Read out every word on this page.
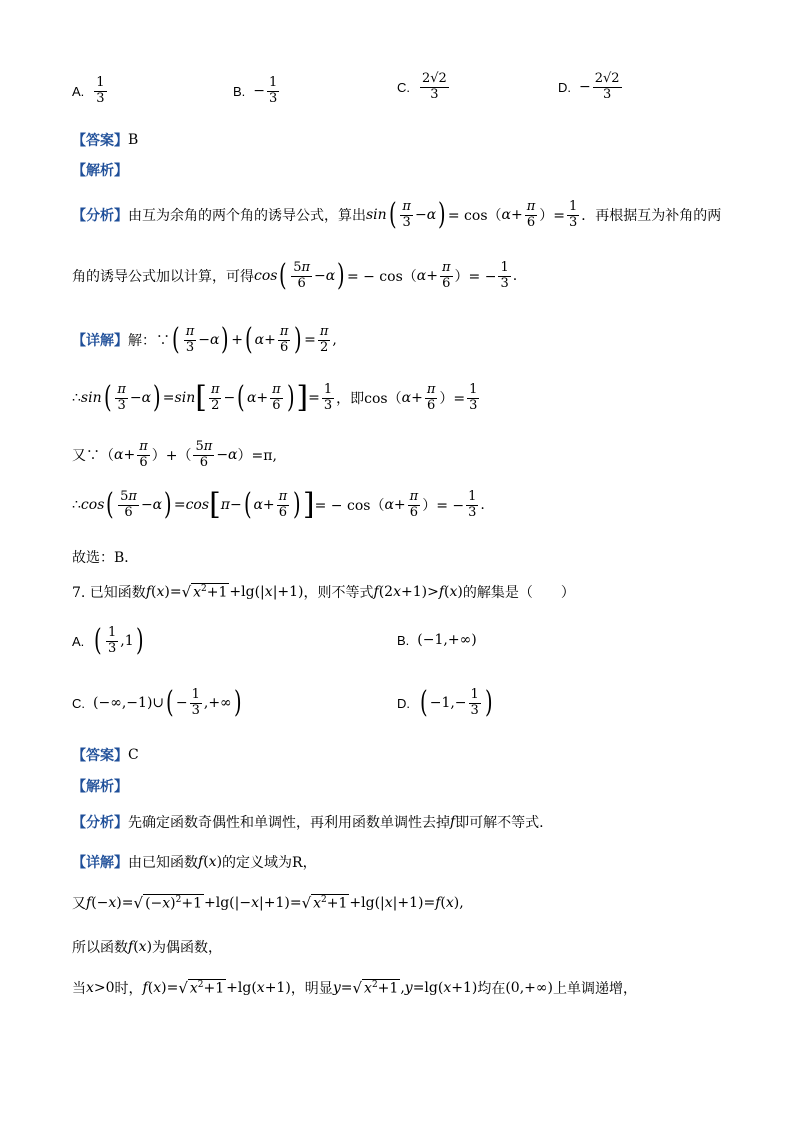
A. $\frac{1}{3}$	B. − $\frac{1}{3}$	C. $\frac{2√2}{3}$	D. − $\frac{2√2}{3}$
【答案】 B
【解析】
【分析】 由互为余角的两个角的诱导公式，算出 sin ( $\frac{\pi}{3} - \alpha$ ) = cos（ $\alpha + \frac{\pi}{6}$ ）= $\frac{1}{3}$ ．再根据互为补角的两
角的诱导公式加以计算，可得 cos ( $\frac{5\pi}{6} - \alpha$ ) = − cos（ $\alpha + \frac{\pi}{6}$ ）= − $\frac{1}{3}$ .
【详解】 解：∵ ( $\frac{\pi}{3} - \alpha$ ) + ( $\alpha + \frac{\pi}{6}$ ) = $\frac{\pi}{2}$ ,
∴ sin ( $\frac{\pi}{3} - \alpha$ ) = sin [ $\frac{\pi}{2}$ − ( $\alpha + \frac{\pi}{6}$ ) ] = $\frac{1}{3}$ ，即 cos（ $\alpha + \frac{\pi}{6}$ ）= $\frac{1}{3}$
又∵ （ $\alpha + \frac{\pi}{6}$ ）+（ $\frac{5\pi}{6} - \alpha$ ）=π,
∴ cos ( $\frac{5\pi}{6} - \alpha$ ) = cos [ π − ( $\alpha + \frac{\pi}{6}$ ) ] = − cos（ $\alpha + \frac{\pi}{6}$ ）= − $\frac{1}{3}$ .
故选：B．
7. 已知函数 f ( x )= √ $x^2+1 +\lg(|$ x |+1) ，则不等式 f (2 x +1)> f ( x ) 的解集是（　　）
A. ( $\frac{1}{3} ,1$ )	B. (−1,+∞)
C. (−∞,−1)∪ ( − $\frac{1}{3}$ ,+∞ )	D. ( $-1,- \frac{1}{3}$ )
【答案】 C
【解析】
【分析】 先确定函数奇偶性和单调性，再利用函数单调性去掉 f 即可解不等式.
【详解】 由已知函数 f ( x ) 的定义域为R，
又 f (− x )= √ $(-x)^2+1 +\lg(|- x$ |+1)= √ $x^2+1 +\lg(|$ x |+1)= f ( x ) ,
所以函数 f ( x ) 为偶函数，
当 x >0 时， f ( x )= √ $x^2+1 +\lg$( x +1) ，明显 y = √ $x^2+1$ , y =lg( x +1) 均在 (0,+∞) 上单调递增，
